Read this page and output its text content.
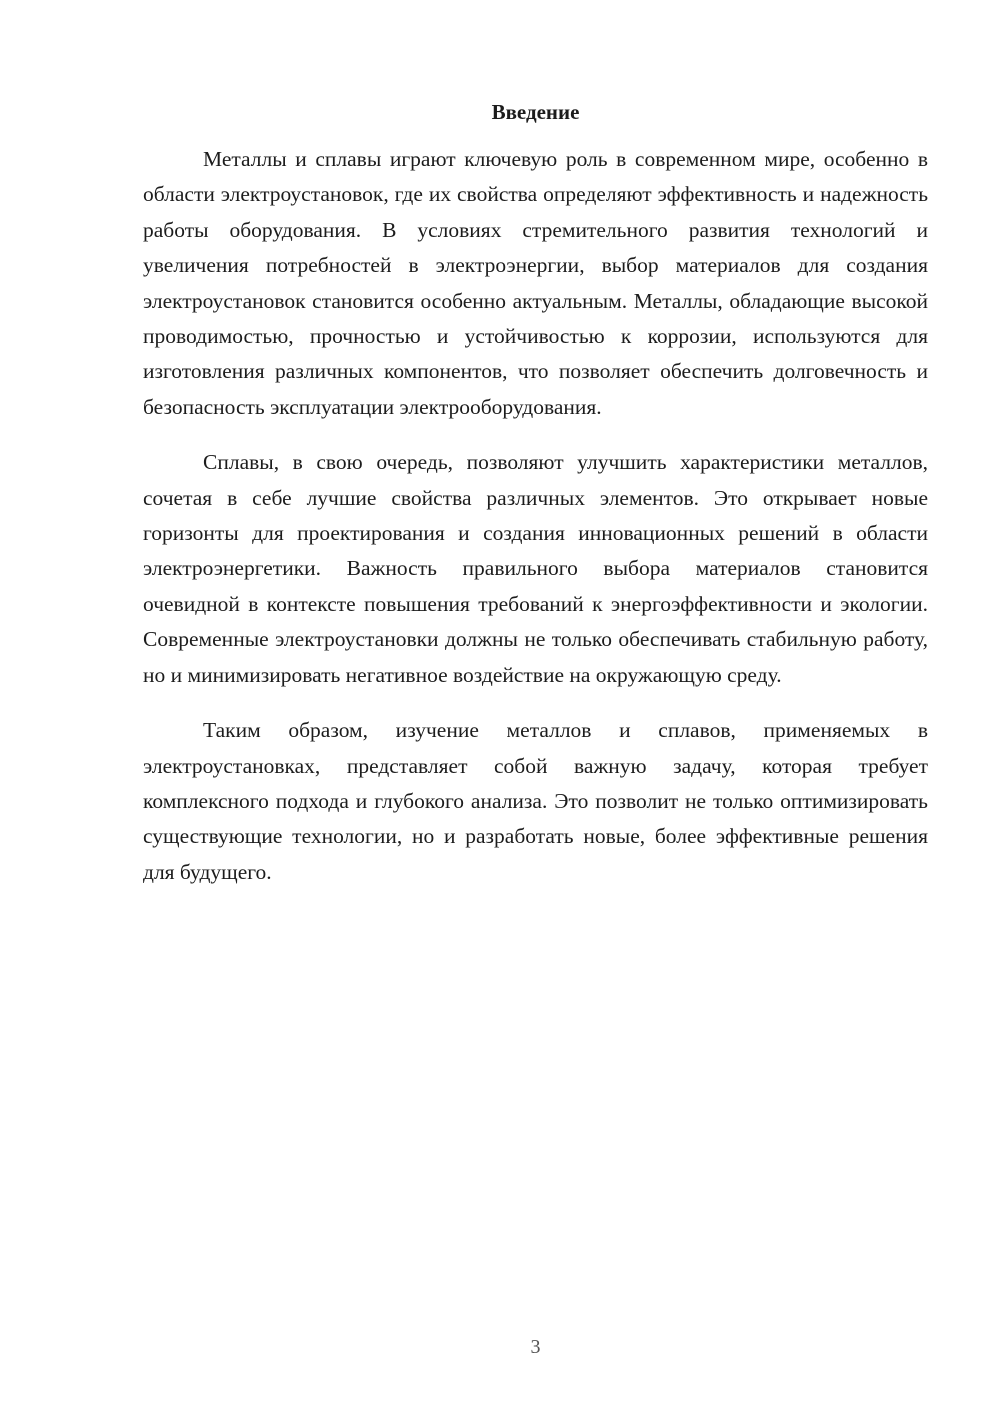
Введение

Металлы и сплавы играют ключевую роль в современном мире, особенно в области электроустановок, где их свойства определяют эффективность и надежность работы оборудования. В условиях стремительного развития технологий и увеличения потребностей в электроэнергии, выбор материалов для создания электроустановок становится особенно актуальным. Металлы, обладающие высокой проводимостью, прочностью и устойчивостью к коррозии, используются для изготовления различных компонентов, что позволяет обеспечить долговечность и безопасность эксплуатации электрооборудования.

Сплавы, в свою очередь, позволяют улучшить характеристики металлов, сочетая в себе лучшие свойства различных элементов. Это открывает новые горизонты для проектирования и создания инновационных решений в области электроэнергетики. Важность правильного выбора материалов становится очевидной в контексте повышения требований к энергоэффективности и экологии. Современные электроустановки должны не только обеспечивать стабильную работу, но и минимизировать негативное воздействие на окружающую среду.

Таким образом, изучение металлов и сплавов, применяемых в электроустановках, представляет собой важную задачу, которая требует комплексного подхода и глубокого анализа. Это позволит не только оптимизировать существующие технологии, но и разработать новые, более эффективные решения для будущего.

3
